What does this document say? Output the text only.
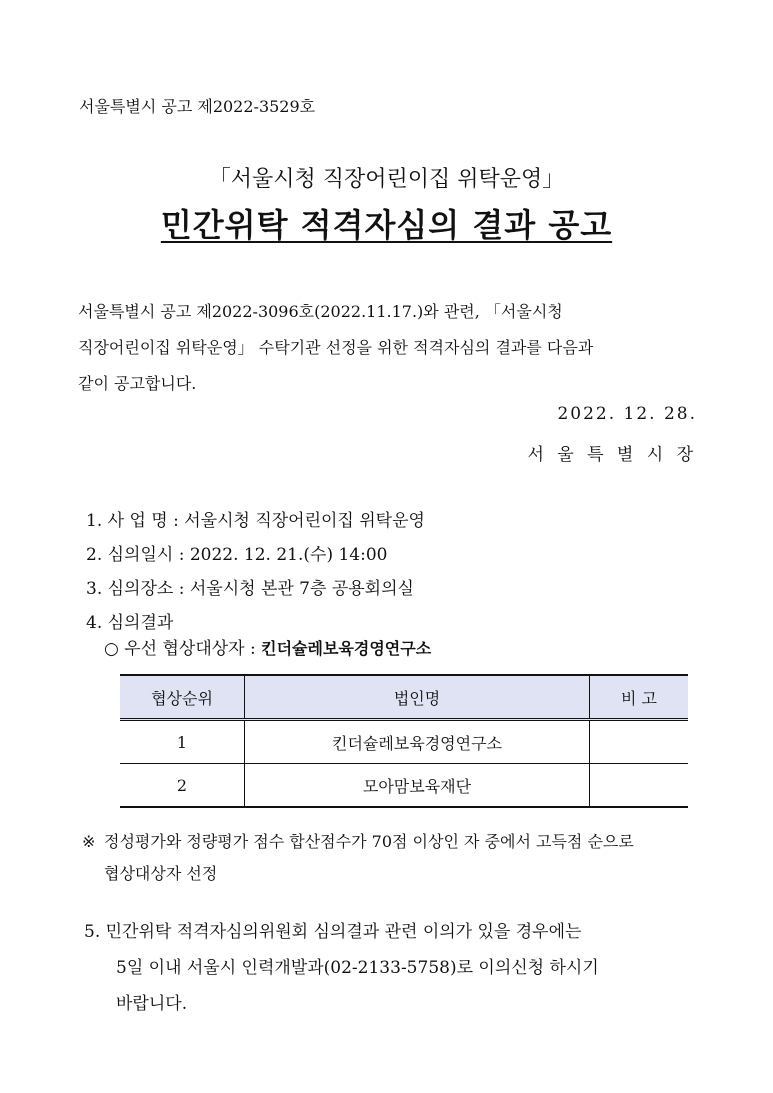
서울특별시 공고 제2022-3529호
「서울시청 직장어린이집 위탁운영」
민간위탁 적격자심의 결과 공고
서울특별시 공고 제2022-3096호(2022.11.17.)와 관련, 「서울시청
직장어린이집 위탁운영」 수탁기관 선정을 위한 적격자심의 결과를 다음과
같이 공고합니다.
2022. 12. 28.
서 울 특 별 시 장
1. 사 업 명 : 서울시청 직장어린이집 위탁운영
2. 심의일시 : 2022. 12. 21.(수) 14:00
3. 심의장소 : 서울시청 본관 7층 공용회의실
4. 심의결과
○ 우선 협상대상자 : 킨더슐레보육경영연구소
협상순위	법인명	비 고
1	킨더슐레보육경영연구소	
2	모아맘보육재단	
※ 정성평가와 정량평가 점수 합산점수가 70점 이상인 자 중에서 고득점 순으로
협상대상자 선정
5. 민간위탁 적격자심의위원회 심의결과 관련 이의가 있을 경우에는
5일 이내 서울시 인력개발과(02-2133-5758)로 이의신청 하시기
바랍니다.
